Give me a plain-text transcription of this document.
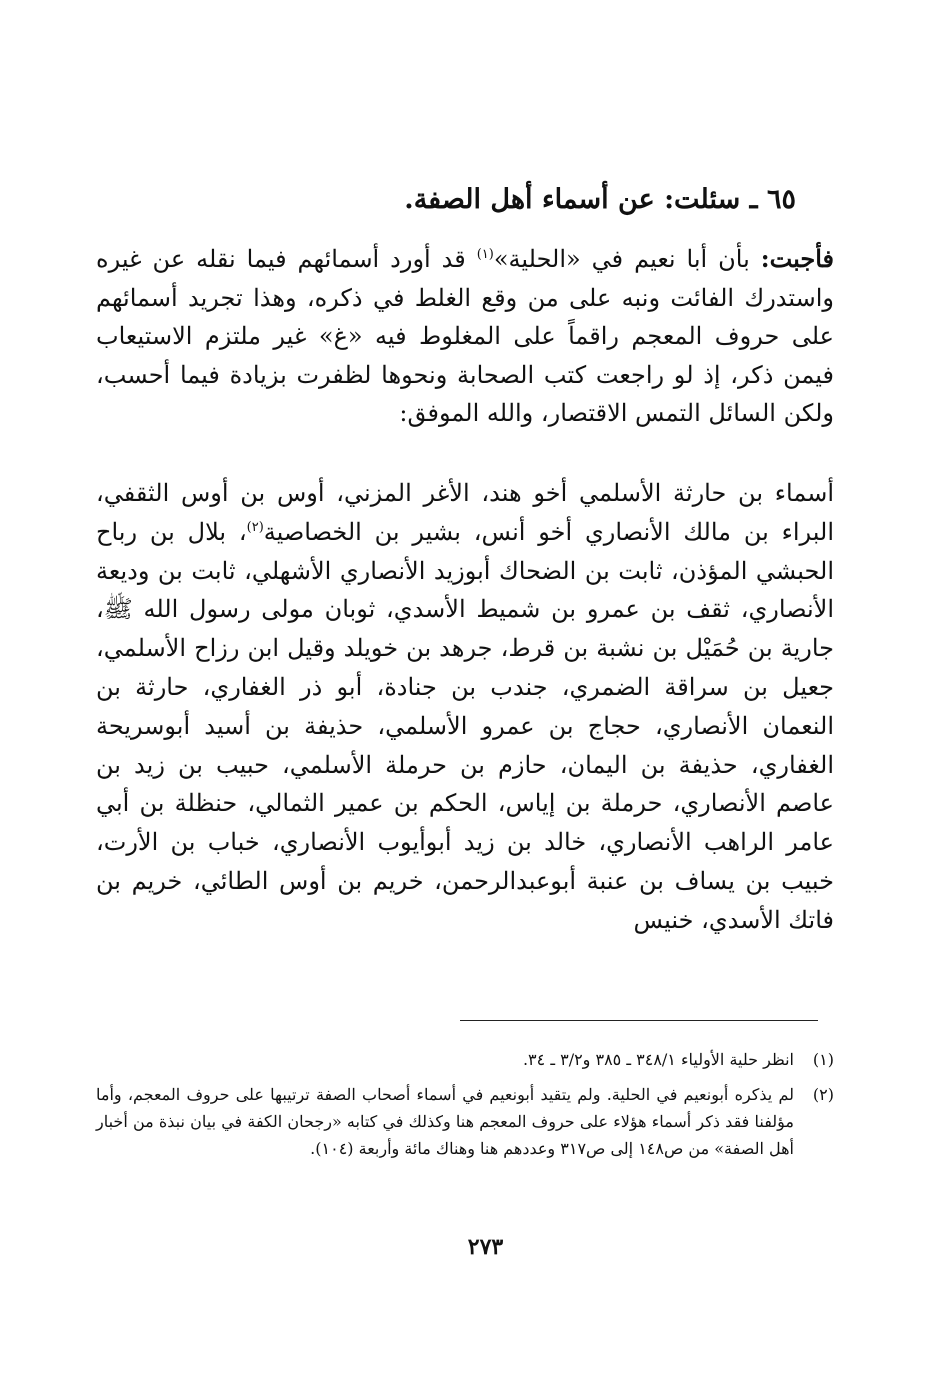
٦٥ ـ سئلت: عن أسماء أهل الصفة.
فأجبت: بأن أبا نعيم في «الحلية»$^{(١)}$ قد أورد أسمائهم فيما نقله عن غيره واستدرك الفائت ونبه على من وقع الغلط في ذكره، وهذا تجريد أسمائهم على حروف المعجم راقماً على المغلوط فيه «غ» غير ملتزم الاستيعاب فيمن ذكر، إذ لو راجعت كتب الصحابة ونحوها لظفرت بزيادة فيما أحسب، ولكن السائل التمس الاقتصار، والله الموفق:
أسماء بن حارثة الأسلمي أخو هند، الأغر المزني، أوس بن أوس الثقفي، البراء بن مالك الأنصاري أخو أنس، بشير بن الخصاصية$^{(٢)}$، بلال بن رباح الحبشي المؤذن، ثابت بن الضحاك أبوزيد الأنصاري الأشهلي، ثابت بن وديعة الأنصاري، ثقف بن عمرو بن شميط الأسدي، ثوبان مولى رسول الله ﷺ، جارية بن حُمَيْل بن نشبة بن قرط، جرهد بن خويلد وقيل ابن رزاح الأسلمي، جعيل بن سراقة الضمري، جندب بن جنادة، أبو ذر الغفاري، حارثة بن النعمان الأنصاري، حجاج بن عمرو الأسلمي، حذيفة بن أسيد أبوسريحة الغفاري، حذيفة بن اليمان، حازم بن حرملة الأسلمي، حبيب بن زيد بن عاصم الأنصاري، حرملة بن إياس، الحكم بن عمير الثمالي، حنظلة بن أبي عامر الراهب الأنصاري، خالد بن زيد أبوأيوب الأنصاري، خباب بن الأرت، خبيب بن يساف بن عنبة أبوعبدالرحمن، خريم بن أوس الطائي، خريم بن فاتك الأسدي، خنيس
(١)
انظر حلية الأولياء ٣٤٨/١ ـ ٣٨٥ و٣/٢ ـ ٣٤.
(٢)
لم يذكره أبونعيم في الحلية. ولم يتقيد أبونعيم في أسماء أصحاب الصفة ترتيبها على حروف المعجم، وأما مؤلفنا فقد ذكر أسماء هؤلاء على حروف المعجم هنا وكذلك في كتابه «رجحان الكفة في بيان نبذة من أخبار أهل الصفة» من ص١٤٨ إلى ص٣١٧ وعددهم هنا وهناك مائة وأربعة (١٠٤).
٢٧٣
